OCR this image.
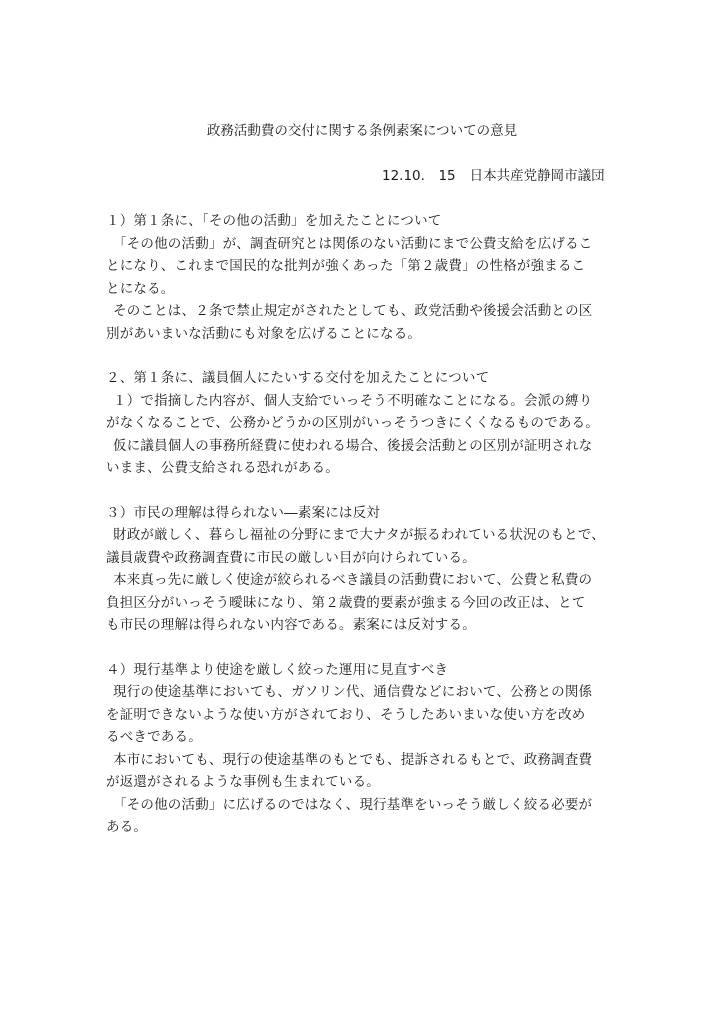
政務活動費の交付に関する条例素案についての意見
12.10.　15 日本共産党静岡市議団
１）第１条に、「その他の活動」を加えたことについて
「その他の活動」が、調査研究とは関係のない活動にまで公費支給を広げるこ
とになり、これまで国民的な批判が強くあった「第２歳費」の性格が強まるこ
とになる。
そのことは、２条で禁止規定がされたとしても、政党活動や後援会活動との区
別があいまいな活動にも対象を広げることになる。
２、第１条に、議員個人にたいする交付を加えたことについて
１）で指摘した内容が、個人支給でいっそう不明確なことになる。会派の縛り
がなくなることで、公務かどうかの区別がいっそうつきにくくなるものである。
仮に議員個人の事務所経費に使われる場合、後援会活動との区別が証明されな
いまま、公費支給される恐れがある。
３）市民の理解は得られない―素案には反対
財政が厳しく、暮らし福祉の分野にまで大ナタが振るわれている状況のもとで、
議員歳費や政務調査費に市民の厳しい目が向けられている。
本来真っ先に厳しく使途が絞られるべき議員の活動費において、公費と私費の
負担区分がいっそう曖昧になり、第２歳費的要素が強まる今回の改正は、とて
も市民の理解は得られない内容である。素案には反対する。
４）現行基準より使途を厳しく絞った運用に見直すべき
現行の使途基準においても、ガソリン代、通信費などにおいて、公務との関係
を証明できないような使い方がされており、そうしたあいまいな使い方を改め
るべきである。
本市においても、現行の使途基準のもとでも、提訴されるもとで、政務調査費
が返還がされるような事例も生まれている。
「その他の活動」に広げるのではなく、現行基準をいっそう厳しく絞る必要が
ある。
